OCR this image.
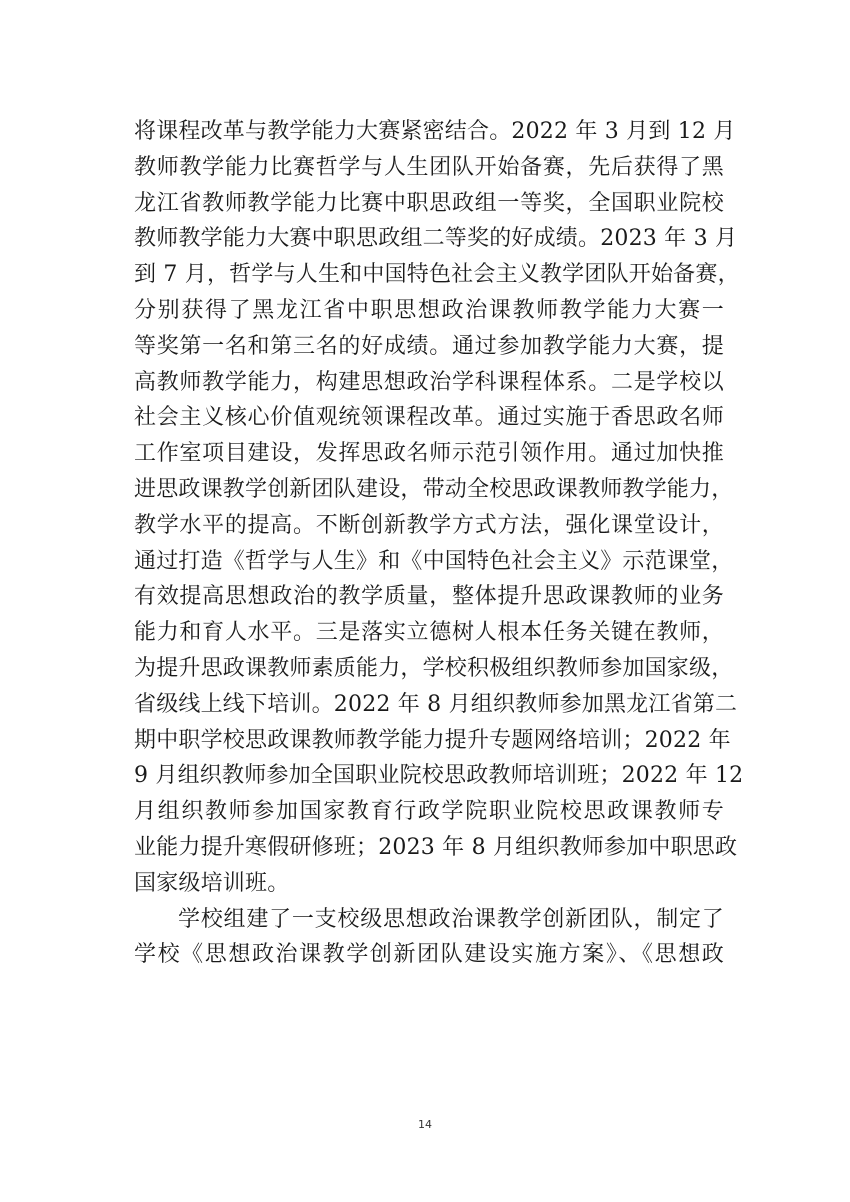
将课程改革与教学能力大赛紧密结合。2022 年 3 月到 12 月
教师教学能力比赛哲学与人生团队开始备赛，先后获得了黑
龙江省教师教学能力比赛中职思政组一等奖，全国职业院校
教师教学能力大赛中职思政组二等奖的好成绩。2023 年 3 月
到 7 月，哲学与人生和中国特色社会主义教学团队开始备赛，
分别获得了黑龙江省中职思想政治课教师教学能力大赛一
等奖第一名和第三名的好成绩。通过参加教学能力大赛，提
高教师教学能力，构建思想政治学科课程体系。二是学校以
社会主义核心价值观统领课程改革。通过实施于香思政名师
工作室项目建设，发挥思政名师示范引领作用。通过加快推
进思政课教学创新团队建设，带动全校思政课教师教学能力，
教学水平的提高。不断创新教学方式方法，强化课堂设计，
通过打造《哲学与人生》和《中国特色社会主义》示范课堂，
有效提高思想政治的教学质量，整体提升思政课教师的业务
能力和育人水平。三是落实立德树人根本任务关键在教师，
为提升思政课教师素质能力，学校积极组织教师参加国家级，
省级线上线下培训。2022 年 8 月组织教师参加黑龙江省第二
期中职学校思政课教师教学能力提升专题网络培训；2022 年
9 月组织教师参加全国职业院校思政教师培训班；2022 年 12
月组织教师参加国家教育行政学院职业院校思政课教师专
业能力提升寒假研修班；2023 年 8 月组织教师参加中职思政
国家级培训班。
学校组建了一支校级思想政治课教学创新团队，制定了
学校《思想政治课教学创新团队建设实施方案》、《思想政
14
